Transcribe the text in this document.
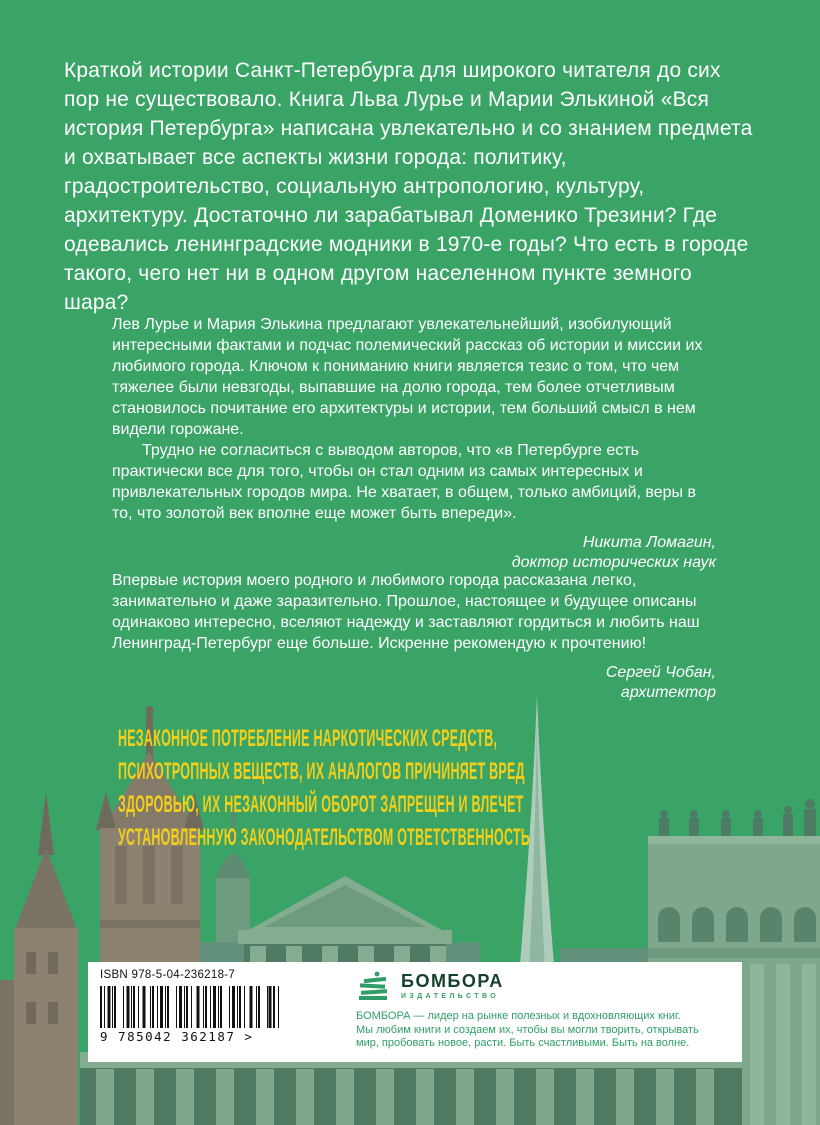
Краткой истории Санкт-Петербурга для широкого читателя до сих пор не существовало. Книга Льва Лурье и Марии Элькиной «Вся история Петербурга» написана увлекательно и со знанием предмета и охватывает все аспекты жизни города: политику, градостроительство, социальную антропологию, культуру, архитектуру. Достаточно ли зарабатывал Доменико Трезини? Где одевались ленинградские модники в 1970-е годы? Что есть в городе такого, чего нет ни в одном другом населенном пункте земного шара?

Лев Лурье и Мария Элькина предлагают увлекательнейший, изобилующий интересными фактами и подчас полемический рассказ об истории и миссии их любимого города. Ключом к пониманию книги является тезис о том, что чем тяжелее были невзгоды, выпавшие на долю города, тем более отчетливым становилось почитание его архитектуры и истории, тем больший смысл в нем видели горожане.

Трудно не согласиться с выводом авторов, что «в Петербурге есть практически все для того, чтобы он стал одним из самых интересных и привлекательных городов мира. Не хватает, в общем, только амбиций, веры в то, что золотой век вполне еще может быть впереди».

Никита Ломагин,
доктор исторических наук

Впервые история моего родного и любимого города рассказана легко, занимательно и даже заразительно. Прошлое, настоящее и будущее описаны одинаково интересно, вселяют надежду и заставляют гордиться и любить наш Ленинград-Петербург еще больше. Искренне рекомендую к прочтению!

Сергей Чобан,
архитектор
НЕЗАКОННОЕ ПОТРЕБЛЕНИЕ НАРКОТИЧЕСКИХ СРЕДСТВ,
ПСИХОТРОПНЫХ ВЕЩЕСТВ, ИХ АНАЛОГОВ ПРИЧИНЯЕТ ВРЕД
ЗДОРОВЬЮ, ИХ НЕЗАКОННЫЙ ОБОРОТ ЗАПРЕЩЕН И ВЛЕЧЕТ
УСТАНОВЛЕННУЮ ЗАКОНОДАТЕЛЬСТВОМ ОТВЕТСТВЕННОСТЬ
ISBN 978-5-04-236218-7
9 785042 362187 >
БОМБОРА
ИЗДАТЕЛЬСТВО
БОМБОРА — лидер на рынке полезных и вдохновляющих книг.
Мы любим книги и создаем их, чтобы вы могли творить, открывать
мир, пробовать новое, расти. Быть счастливыми. Быть на волне.
